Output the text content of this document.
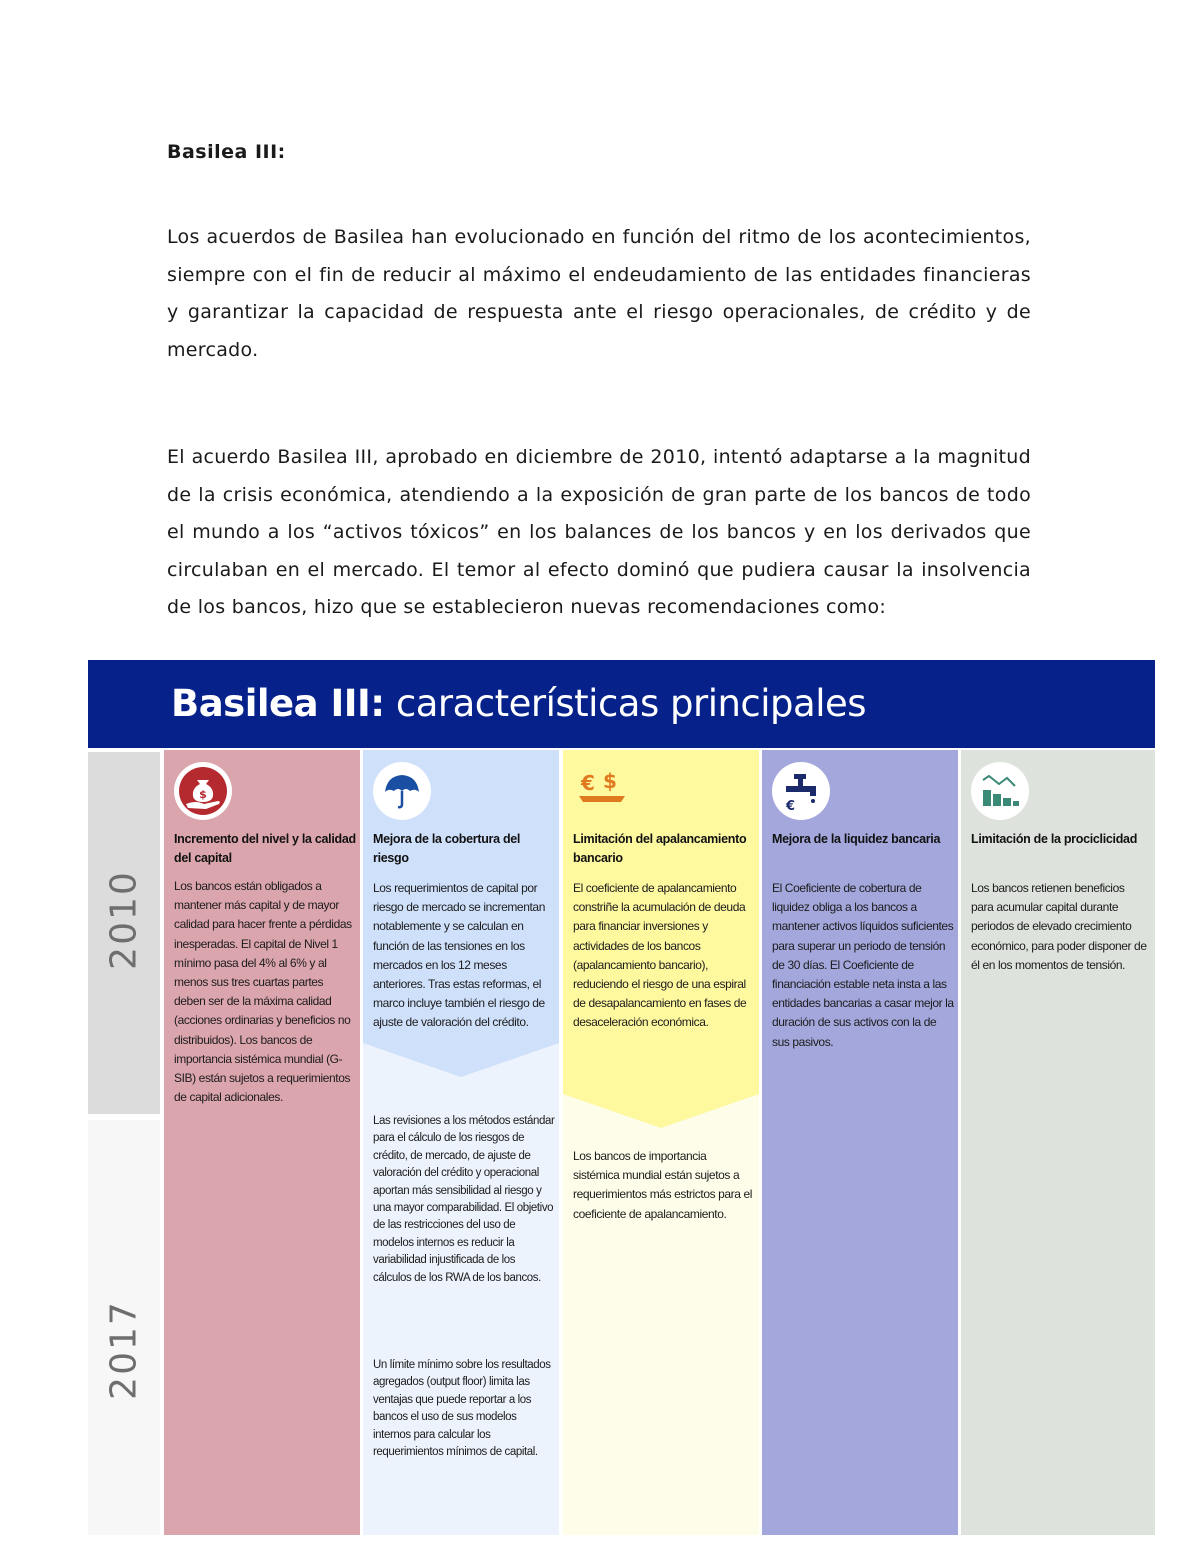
Basilea III:

Los acuerdos de Basilea han evolucionado en función del ritmo de los acontecimientos, siempre con el fin de reducir al máximo el endeudamiento de las entidades financieras y garantizar la capacidad de respuesta ante el riesgo operacionales, de crédito y de mercado.

El acuerdo Basilea III, aprobado en diciembre de 2010, intentó adaptarse a la magnitud de la crisis económica, atendiendo a la exposición de gran parte de los bancos de todo el mundo a los “activos tóxicos” en los balances de los bancos y en los derivados que circulaban en el mercado. El temor al efecto dominó que pudiera causar la insolvencia de los bancos, hizo que se establecieron nuevas recomendaciones como:

Basilea III: características principales
2010
2017
$

Incremento del nivel y la calidad del capital

Los bancos están obligados a mantener más capital y de mayor calidad para hacer frente a pérdidas inesperadas. El capital de Nivel 1 mínimo pasa del 4% al 6% y al menos sus tres cuartas partes deben ser de la máxima calidad (acciones ordinarias y beneficios no distribuidos). Los bancos de importancia sistémica mundial (G-SIB) están sujetos a requerimientos de capital adicionales.

Mejora de la cobertura del riesgo

Los requerimientos de capital por riesgo de mercado se incrementan notablemente y se calculan en función de las tensiones en los mercados en los 12 meses anteriores. Tras estas reformas, el marco incluye también el riesgo de ajuste de valoración del crédito.

Las revisiones a los métodos estándar para el cálculo de los riesgos de crédito, de mercado, de ajuste de valoración del crédito y operacional aportan más sensibilidad al riesgo y una mayor comparabilidad. El objetivo de las restricciones del uso de modelos internos es reducir la variabilidad injustificada de los cálculos de los RWA de los bancos.

Un límite mínimo sobre los resultados agregados (output floor) limita las ventajas que puede reportar a los bancos el uso de sus modelos internos para calcular los requerimientos mínimos de capital.

€ $

Limitación del apalancamiento bancario

El coeficiente de apalancamiento constriñe la acumulación de deuda para financiar inversiones y actividades de los bancos (apalancamiento bancario), reduciendo el riesgo de una espiral de desapalancamiento en fases de desaceleración económica.

Los bancos de importancia sistémica mundial están sujetos a requerimientos más estrictos para el coeficiente de apalancamiento.

€

Mejora de la liquidez bancaria

El Coeficiente de cobertura de liquidez obliga a los bancos a mantener activos líquidos suficientes para superar un periodo de tensión de 30 días. El Coeficiente de financiación estable neta insta a las entidades bancarias a casar mejor la duración de sus activos con la de sus pasivos.

Limitación de la prociclicidad

Los bancos retienen beneficios para acumular capital durante periodos de elevado crecimiento económico, para poder disponer de él en los momentos de tensión.
